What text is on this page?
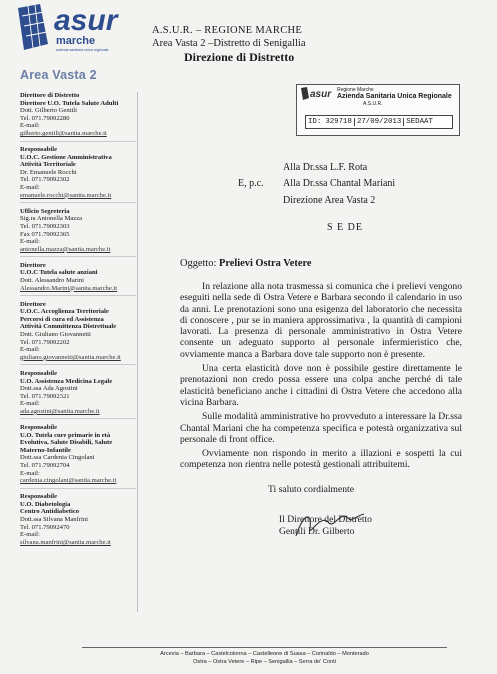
asur
marche
azienda sanitaria unica regionale
Area Vasta 2
A.S.U.R. – REGIONE MARCHE
Area Vasta 2 –Distretto di Senigallia
Direzione di Distretto
Direttore di Distretto
Direttore U.O. Tutela Salute Adulti
Dott. Gilberto Gentili
Tel. 071.79092280
E-mail:
gilberto.gentili@sanita.marche.it
Responsabile
U.O.C. Gestione Amministrativa
Attività Territoriale
Dr. Emanuele Rocchi
Tel. 071.79092302
E-mail:
emanuele.rocchi@sanita.marche.it
Ufficio Segreteria
Sig.ra Antonella Mazza
Tel. 071.79092303
Fax 071.79092365
E-mail:
antonella.mazza@sanita.marche.it
Direttore
U.O.C Tutela salute anziani
Dott. Alessandro Marini
Alessandro.Marini@sanita.marche.it
Direttore
U.O.C. Accoglienza Territoriale
Percorsi di cura ed Assistenza
Attività Committenza Distrettuale
Dott. Giuliano Giovannetti
Tel. 071.79092202
E-mail:
giuliano.giovannetti@sanita.marche.it
Responsabile
U.O. Assistenza Medicina Legale
Dott.ssa Ada Agostini
Tel. 071.79092321
E-mail:
ada.agostini@sanita.marche.it
Responsabile
U.O. Tutela cure primarie in età
Evolutiva, Salute Disabili, Salute
Materno-Infantile
Dott.ssa Cardenia Cingolani
Tel. 071.79092704
E-mail:
cardenia.cingolani@sanita.marche.it
Responsabile
U.O. Diabetologia
Centro Antidiabetico
Dott.ssa Silvana Manfrini
Tel. 071.79092470
E-mail:
silvana.manfrini@sanita.marche.it
asur Regione Marche
Azienda Sanitaria Unica Regionale
A.S.U.R.
ID: 329718 27/09/2013 SEDAAT
Alla Dr.ssa L.F. Rota
E, p.c. Alla Dr.ssa Chantal Mariani
Direzione Area Vasta 2
S E DE
Oggetto: Prelievi Ostra Vetere

In relazione alla nota trasmessa si comunica che i prelievi vengono eseguiti nella sede di Ostra Vetere e Barbara secondo il calendario in uso da anni. Le prenotazioni sono una esigenza del laboratorio che necessita di conoscere , pur se in maniera approssimativa , la quantità di campioni lavorati. La presenza di personale amministrativo in Ostra Vetere consente un adeguato supporto al personale infermieristico che, ovviamente manca a Barbara dove tale supporto non è presente.

Una certa elasticità dove non è possibile gestire direttamente le prenotazioni non credo possa essere una colpa anche perché di tale elasticità beneficiano anche i cittadini di Ostra Vetere che accedono alla vicina Barbara.

Sulle modalità amministrative ho provveduto a interessare la Dr.ssa Chantal Mariani che ha competenza specifica e potestà organizzativa sul personale di front office.

Ovviamente non rispondo in merito a illazioni e sospetti la cui competenza non rientra nelle potestà gestionali attribuitemi.

Ti saluto cordialmente
Il Direttore del Distretto
Gentili Dr. Gilberto
Arcevia – Barbara – Castelcolonna – Castelleone di Suasa – Corinaldo – Monterado
Ostra – Ostra Vetere – Ripe – Senigallia – Serra de' Conti
